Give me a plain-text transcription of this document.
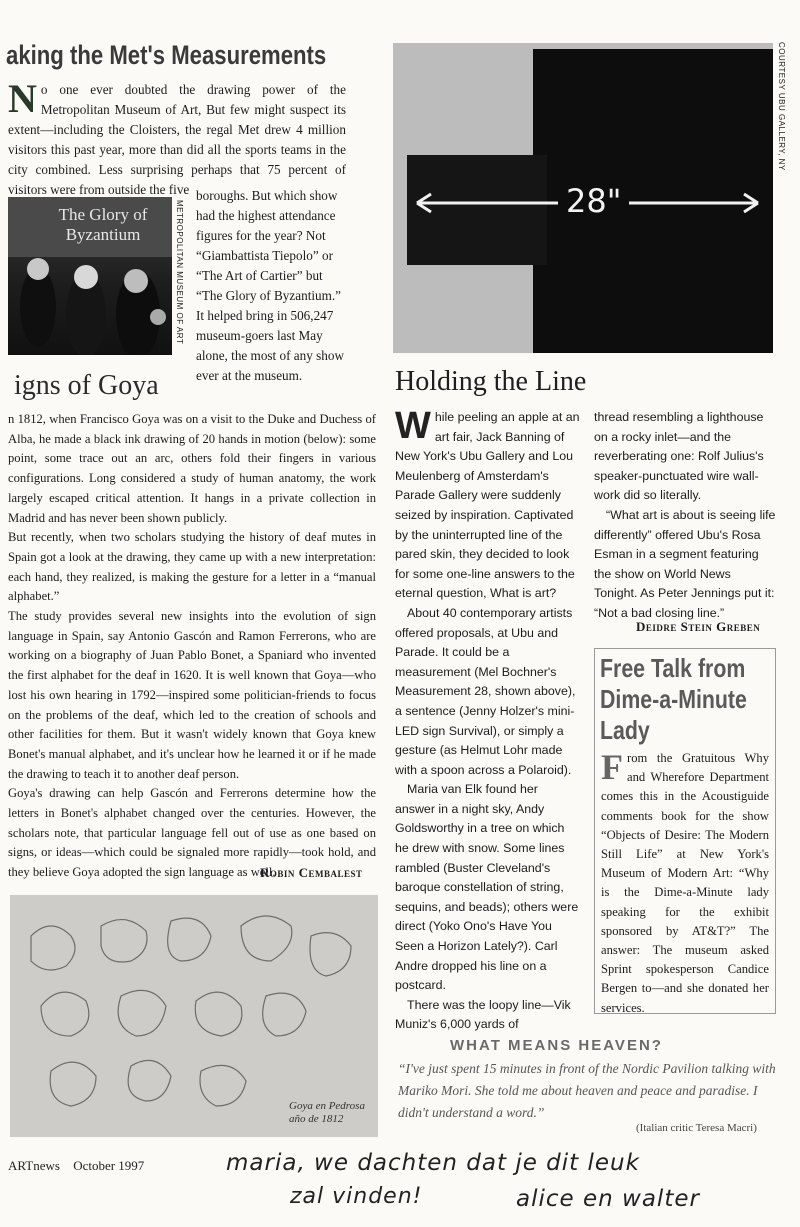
aking the Met's Measurements
N o one ever doubted the drawing power of the Metropolitan Museum of Art, But few might suspect its extent—including the Cloisters, the regal Met drew 4 million visitors this past year, more than did all the sports teams in the city combined. Less surprising perhaps that 75 percent of visitors were from outside the five
The Glory of Byzantium	METROPOLITAN MUSEUM OF ART
boroughs. But which show had the highest attendance figures for the year? Not “Giambattista Tiepolo” or “The Art of Cartier” but “The Glory of Byzantium.” It helped bring in 506,247 museum-goers last May alone, the most of any show ever at the museum.
igns of Goya

n 1812, when Francisco Goya was on a visit to the Duke and Duchess of Alba, he made a black ink drawing of 20 hands in motion (below): some point, some trace out an arc, others fold their fingers in various configurations. Long considered a study of human anatomy, the work largely escaped critical attention. It hangs in a private collection in Madrid and has never been shown publicly.

But recently, when two scholars studying the history of deaf mutes in Spain got a look at the drawing, they came up with a new interpretation: each hand, they realized, is making the gesture for a letter in a “manual alphabet.”

The study provides several new insights into the evolution of sign language in Spain, say Antonio Gascón and Ramon Ferrerons, who are working on a biography of Juan Pablo Bonet, a Spaniard who invented the first alphabet for the deaf in 1620. It is well known that Goya—who lost his own hearing in 1792—inspired some politician-friends to focus on the problems of the deaf, which led to the creation of schools and other facilities for them. But it wasn't widely known that Goya knew Bonet's manual alphabet, and it's unclear how he learned it or if he made the drawing to teach it to another deaf person.

Goya's drawing can help Gascón and Ferrerons determine how the letters in Bonet's alphabet changed over the centuries. However, the scholars note, that particular language fell out of use as one based on signs, or ideas—which could be signaled more rapidly—took hold, and they believe Goya adopted the sign language as well.

Robin Cembalest
Goya en Pedrosa año de 1812
28"
COURTESY UBU GALLERY, NY
Holding the Line
W hile peeling an apple at an art fair, Jack Banning of New York's Ubu Gallery and Lou Meulenberg of Amsterdam's Parade Gallery were suddenly seized by inspiration. Captivated by the uninterrupted line of the pared skin, they decided to look for some one-line answers to the eternal question, What is art?

About 40 contemporary artists offered proposals, at Ubu and Parade. It could be a measurement (Mel Bochner's Measurement 28, shown above), a sentence (Jenny Holzer's mini-LED sign Survival), or simply a gesture (as Helmut Lohr made with a spoon across a Polaroid).

Maria van Elk found her answer in a night sky, Andy Goldsworthy in a tree on which he drew with snow. Some lines rambled (Buster Cleveland's baroque constellation of string, sequins, and beads); others were direct (Yoko Ono's Have You Seen a Horizon Lately?). Carl Andre dropped his line on a postcard.

There was the loopy line—Vik Muniz's 6,000 yards of

thread resembling a lighthouse on a rocky inlet—and the reverberating one: Rolf Julius's speaker-punctuated wire wall-work did so literally.

“What art is about is seeing life differently” offered Ubu's Rosa Esman in a segment featuring the show on World News Tonight. As Peter Jennings put it: “Not a bad closing line.”

Deidre Stein Greben
Free Talk from Dime-a-Minute Lady
F rom the Gratuitous Why and Wherefore Department comes this in the Acoustiguide comments book for the show “Objects of Desire: The Modern Still Life” at New York's Museum of Modern Art: “Why is the Dime-a-Minute lady speaking for the exhibit sponsored by AT&T?” The answer: The museum asked Sprint spokesperson Candice Bergen to—and she donated her services.
WHAT MEANS HEAVEN?
“I've just spent 15 minutes in front of the Nordic Pavilion talking with Mariko Mori. She told me about heaven and peace and paradise. I didn't understand a word.”
(Italian critic Teresa Macri)
ARTnews October 1997	maria, we dachten dat je dit leuk
zal vinden!	alice en walter
